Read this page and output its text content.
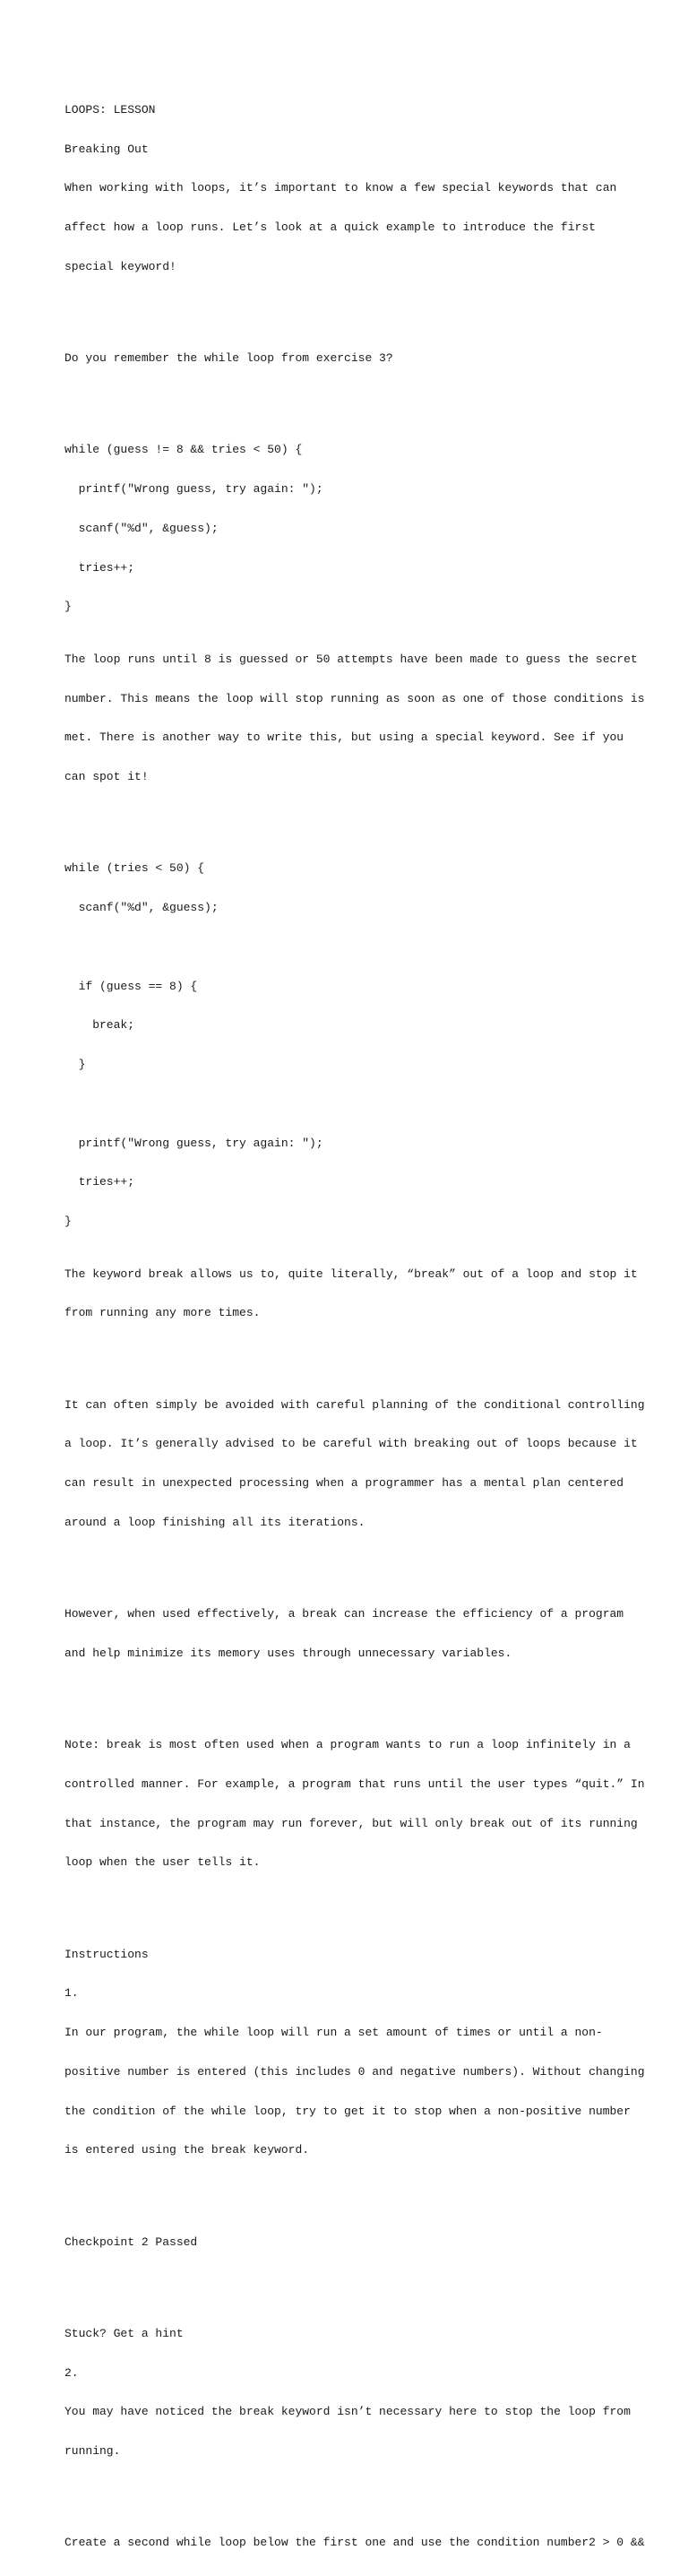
LOOPS: LESSON

Breaking Out

When working with loops, it’s important to know a few special keywords that can

affect how a loop runs. Let’s look at a quick example to introduce the first

special keyword!

Do you remember the while loop from exercise 3?

while (guess != 8 && tries < 50) {

printf("Wrong guess, try again: ");

scanf("%d", &guess);

tries++;

}

The loop runs until 8 is guessed or 50 attempts have been made to guess the secret

number. This means the loop will stop running as soon as one of those conditions is

met. There is another way to write this, but using a special keyword. See if you

can spot it!

while (tries < 50) {

scanf("%d", &guess);

if (guess == 8) {

break;

}

printf("Wrong guess, try again: ");

tries++;

}

The keyword break allows us to, quite literally, “break” out of a loop and stop it

from running any more times.

It can often simply be avoided with careful planning of the conditional controlling

a loop. It’s generally advised to be careful with breaking out of loops because it

can result in unexpected processing when a programmer has a mental plan centered

around a loop finishing all its iterations.

However, when used effectively, a break can increase the efficiency of a program

and help minimize its memory uses through unnecessary variables.

Note: break is most often used when a program wants to run a loop infinitely in a

controlled manner. For example, a program that runs until the user types “quit.” In

that instance, the program may run forever, but will only break out of its running

loop when the user tells it.

Instructions

1.

In our program, the while loop will run a set amount of times or until a non-

positive number is entered (this includes 0 and negative numbers). Without changing

the condition of the while loop, try to get it to stop when a non-positive number

is entered using the break keyword.

Checkpoint 2 Passed

Stuck? Get a hint

2.

You may have noticed the break keyword isn’t necessary here to stop the loop from

running.

Create a second while loop below the first one and use the condition number2 > 0 &&
